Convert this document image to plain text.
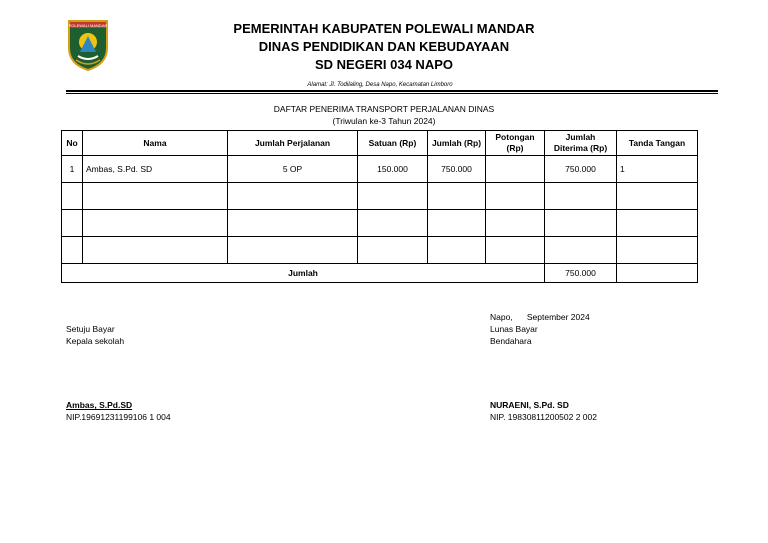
POLEWALI MANDAR	PEMERINTAH KABUPATEN POLEWALI MANDAR
DINAS PENDIDIKAN DAN KEBUDAYAAN
SD NEGERI 034 NAPO
Alamat: Jl. Todilaling, Desa Napo, Kecamatan Limboro
DAFTAR PENERIMA TRANSPORT PERJALANAN DINAS
(Triwulan ke-3 Tahun 2024)
No	Nama	Jumlah Perjalanan	Satuan (Rp)	Jumlah (Rp)	Potongan (Rp)	Jumlah Diterima (Rp)	Tanda Tangan
1	Ambas, S.Pd. SD	5 OP	150.000	750.000		750.000	1

Jumlah						750.000	
Setuju Bayar
Kepala sekolah
Ambas, S.Pd.SD
NIP.19691231199106 1 004
Napo,      September 2024
Lunas Bayar
Bendahara
NURAENI, S.Pd. SD
NIP. 19830811200502 2 002
